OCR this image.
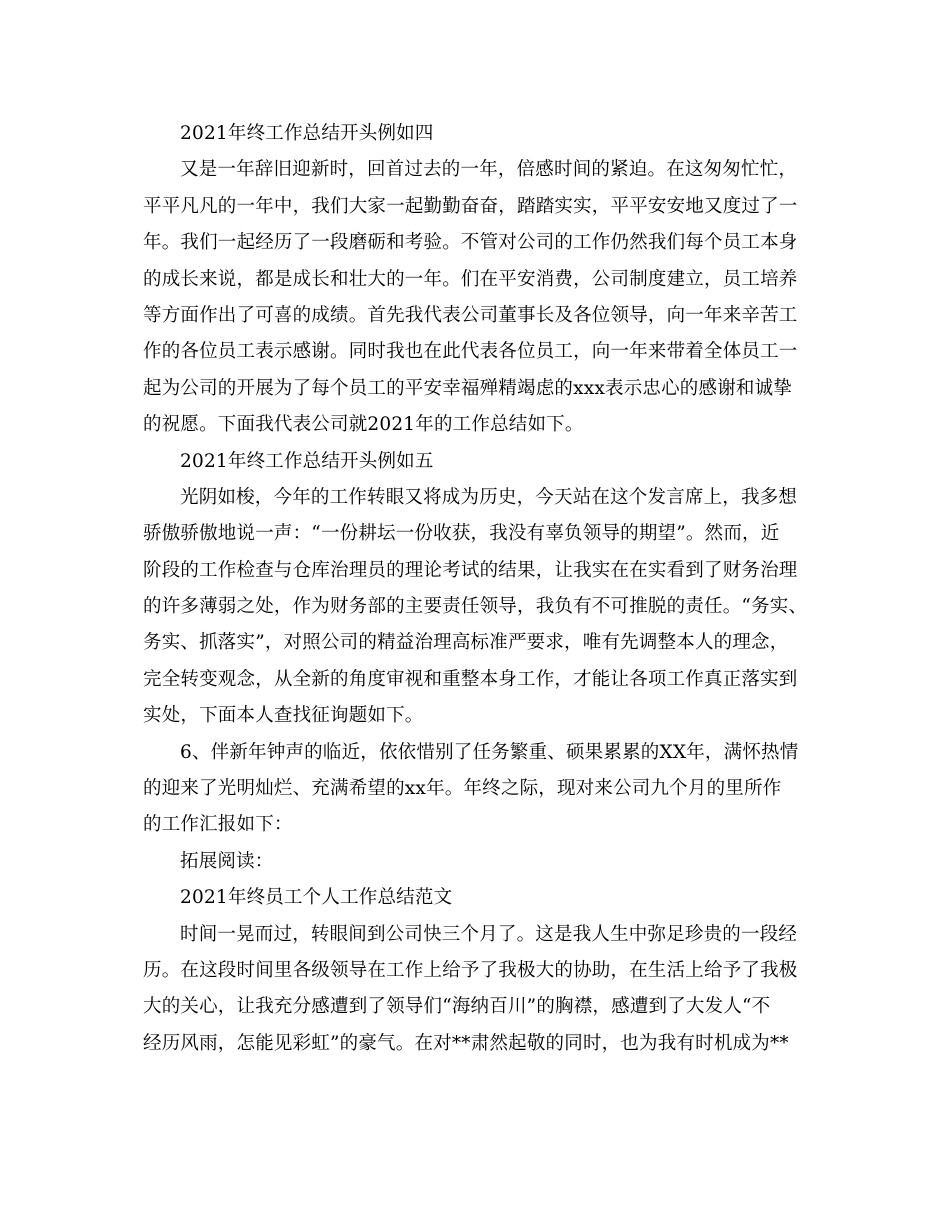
2021年终工作总结开头例如四
又是一年辞旧迎新时，回首过去的一年，倍感时间的紧迫。在这匆匆忙忙，
平平凡凡的一年中，我们大家一起勤勤奋奋，踏踏实实，平平安安地又度过了一
年。我们一起经历了一段磨砺和考验。不管对公司的工作仍然我们每个员工本身
的成长来说，都是成长和壮大的一年。们在平安消费，公司制度建立，员工培养
等方面作出了可喜的成绩。首先我代表公司董事长及各位领导，向一年来辛苦工
作的各位员工表示感谢。同时我也在此代表各位员工，向一年来带着全体员工一
起为公司的开展为了每个员工的平安幸福殚精竭虑的xxx表示忠心的感谢和诚挚
的祝愿。下面我代表公司就2021年的工作总结如下。
2021年终工作总结开头例如五
光阴如梭，今年的工作转眼又将成为历史，今天站在这个发言席上，我多想
骄傲骄傲地说一声：“一份耕坛一份收获，我没有辜负领导的期望”。然而，近
阶段的工作检查与仓库治理员的理论考试的结果，让我实在在实看到了财务治理
的许多薄弱之处，作为财务部的主要责任领导，我负有不可推脱的责任。“务实、
务实、抓落实”，对照公司的精益治理高标准严要求，唯有先调整本人的理念，
完全转变观念，从全新的角度审视和重整本身工作，才能让各项工作真正落实到
实处，下面本人查找征询题如下。
6、伴新年钟声的临近，依依惜别了任务繁重、硕果累累的XX年，满怀热情
的迎来了光明灿烂、充满希望的xx年。年终之际，现对来公司九个月的里所作
的工作汇报如下：
拓展阅读：
2021年终员工个人工作总结范文
时间一晃而过，转眼间到公司快三个月了。这是我人生中弥足珍贵的一段经
历。在这段时间里各级领导在工作上给予了我极大的协助，在生活上给予了我极
大的关心，让我充分感遭到了领导们“海纳百川”的胸襟，感遭到了大发人“不
经历风雨，怎能见彩虹”的豪气。在对**肃然起敬的同时，也为我有时机成为**
